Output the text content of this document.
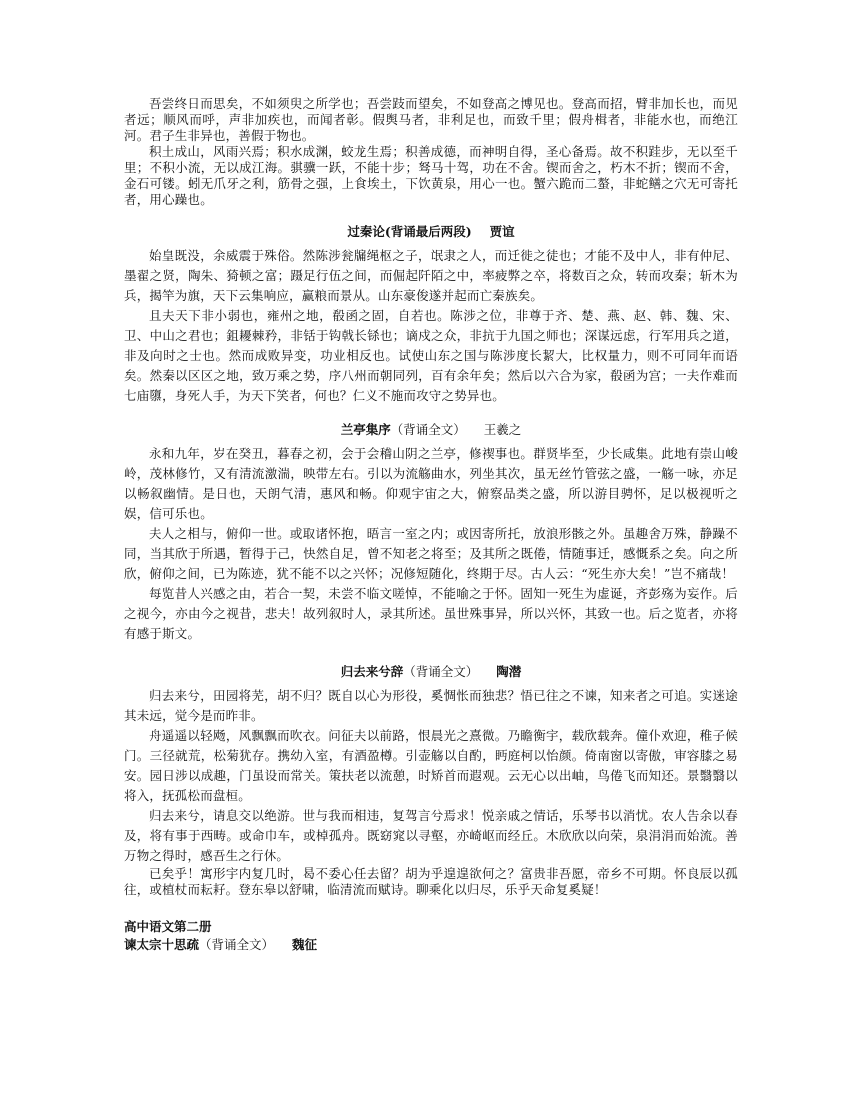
吾尝终日而思矣，不如须臾之所学也；吾尝跂而望矣，不如登高之博见也。登高而招，臂非加长也，而见者远；顺风而呼，声非加疾也，而闻者彰。假舆马者，非利足也，而致千里；假舟楫者，非能水也，而绝江河。君子生非异也，善假于物也。

积土成山，风雨兴焉；积水成渊，蛟龙生焉；积善成德，而神明自得，圣心备焉。故不积跬步，无以至千里；不积小流，无以成江海。骐骥一跃，不能十步；驽马十驾，功在不舍。锲而舍之，朽木不折；锲而不舍，金石可镂。蚓无爪牙之利，筋骨之强，上食埃土，下饮黄泉，用心一也。蟹六跪而二螯，非蛇鳝之穴无可寄托者，用心躁也。

过秦论(背诵最后两段) 贾谊

始皇既没，余威震于殊俗。然陈涉瓮牖绳枢之子，氓隶之人，而迁徙之徒也；才能不及中人，非有仲尼、墨翟之贤，陶朱、猗顿之富；蹑足行伍之间，而倔起阡陌之中，率疲弊之卒，将数百之众，转而攻秦；斩木为兵，揭竿为旗，天下云集响应，赢粮而景从。山东豪俊遂并起而亡秦族矣。

且夫天下非小弱也，雍州之地，殽函之固，自若也。陈涉之位，非尊于齐、楚、燕、赵、韩、魏、宋、卫、中山之君也；鉏耰棘矜，非铦于钩戟长铩也；谪戍之众，非抗于九国之师也；深谋远虑，行军用兵之道，非及向时之士也。然而成败异变，功业相反也。试使山东之国与陈涉度长絜大，比权量力，则不可同年而语矣。然秦以区区之地，致万乘之势，序八州而朝同列，百有余年矣；然后以六合为家，殽函为宫；一夫作难而七庙隳，身死人手，为天下笑者，何也？仁义不施而攻守之势异也。

兰亭集序（背诵全文） 王羲之

永和九年，岁在癸丑，暮春之初，会于会稽山阴之兰亭，修禊事也。群贤毕至，少长咸集。此地有崇山峻岭，茂林修竹，又有清流激湍，映带左右。引以为流觞曲水，列坐其次，虽无丝竹管弦之盛，一觞一咏，亦足以畅叙幽情。是日也，天朗气清，惠风和畅。仰观宇宙之大，俯察品类之盛，所以游目骋怀，足以极视听之娱，信可乐也。

夫人之相与，俯仰一世。或取诸怀抱，晤言一室之内；或因寄所托，放浪形骸之外。虽趣舍万殊，静躁不同，当其欣于所遇，暂得于己，快然自足，曾不知老之将至；及其所之既倦，情随事迁，感慨系之矣。向之所欣，俯仰之间，已为陈迹，犹不能不以之兴怀；况修短随化，终期于尽。古人云：“死生亦大矣！”岂不痛哉！

每览昔人兴感之由，若合一契，未尝不临文嗟悼，不能喻之于怀。固知一死生为虚诞，齐彭殇为妄作。后之视今，亦由今之视昔，悲夫！故列叙时人，录其所述。虽世殊事异，所以兴怀，其致一也。后之览者，亦将有感于斯文。

归去来兮辞（背诵全文） 陶潜

归去来兮，田园将芜，胡不归？既自以心为形役，奚惆怅而独悲？悟已往之不谏，知来者之可追。实迷途其未远，觉今是而昨非。

舟遥遥以轻飏，风飘飘而吹衣。问征夫以前路，恨晨光之熹微。乃瞻衡宇，载欣载奔。僮仆欢迎，稚子候门。三径就荒，松菊犹存。携幼入室，有酒盈樽。引壶觞以自酌，眄庭柯以怡颜。倚南窗以寄傲，审容膝之易安。园日涉以成趣，门虽设而常关。策扶老以流憩，时矫首而遐观。云无心以出岫，鸟倦飞而知还。景翳翳以将入，抚孤松而盘桓。

归去来兮，请息交以绝游。世与我而相违，复驾言兮焉求！悦亲戚之情话，乐琴书以消忧。农人告余以春及，将有事于西畴。或命巾车，或棹孤舟。既窈窕以寻壑，亦崎岖而经丘。木欣欣以向荣，泉涓涓而始流。善万物之得时，感吾生之行休。

已矣乎！寓形宇内复几时，曷不委心任去留？胡为乎遑遑欲何之？富贵非吾愿，帝乡不可期。怀良辰以孤往，或植杖而耘耔。登东皋以舒啸，临清流而赋诗。聊乘化以归尽，乐乎天命复奚疑！

高中语文第二册
谏太宗十思疏（背诵全文） 魏征
